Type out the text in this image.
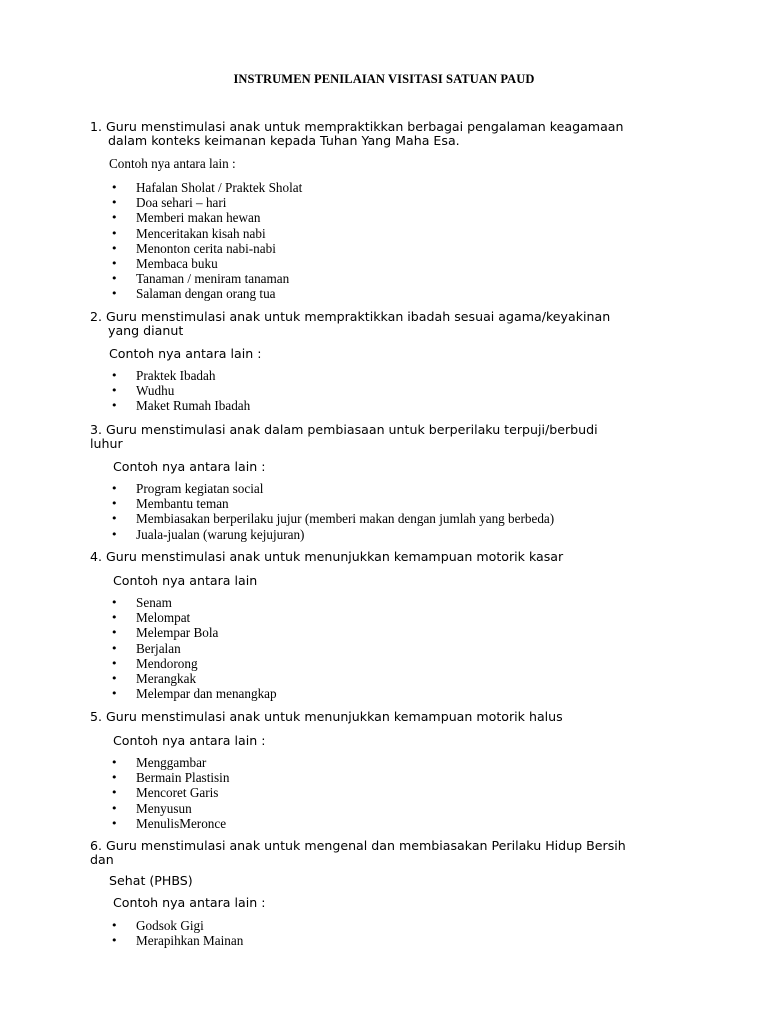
INSTRUMEN PENILAIAN VISITASI SATUAN PAUD
1. Guru menstimulasi anak untuk mempraktikkan berbagai pengalaman keagamaan
dalam konteks keimanan kepada Tuhan Yang Maha Esa.
Contoh nya antara lain :
• Hafalan Sholat / Praktek Sholat
• Doa sehari – hari
• Memberi makan hewan
• Menceritakan kisah nabi
• Menonton cerita nabi-nabi
• Membaca buku
• Tanaman / meniram tanaman
• Salaman dengan orang tua
2. Guru menstimulasi anak untuk mempraktikkan ibadah sesuai agama/keyakinan
yang dianut
Contoh nya antara lain :
• Praktek Ibadah
• Wudhu
• Maket Rumah Ibadah
3. Guru menstimulasi anak dalam pembiasaan untuk berperilaku terpuji/berbudi
luhur
Contoh nya antara lain :
• Program kegiatan social
• Membantu teman
• Membiasakan berperilaku jujur (memberi makan dengan jumlah yang berbeda)
• Juala-jualan (warung kejujuran)
4. Guru menstimulasi anak untuk menunjukkan kemampuan motorik kasar
Contoh nya antara lain
• Senam
• Melompat
• Melempar Bola
• Berjalan
• Mendorong
• Merangkak
• Melempar dan menangkap
5. Guru menstimulasi anak untuk menunjukkan kemampuan motorik halus
Contoh nya antara lain :
• Menggambar
• Bermain Plastisin
• Mencoret Garis
• Menyusun
• MenulisMeronce
6. Guru menstimulasi anak untuk mengenal dan membiasakan Perilaku Hidup Bersih
dan
Sehat (PHBS)
Contoh nya antara lain :
• Godsok Gigi
• Merapihkan Mainan
